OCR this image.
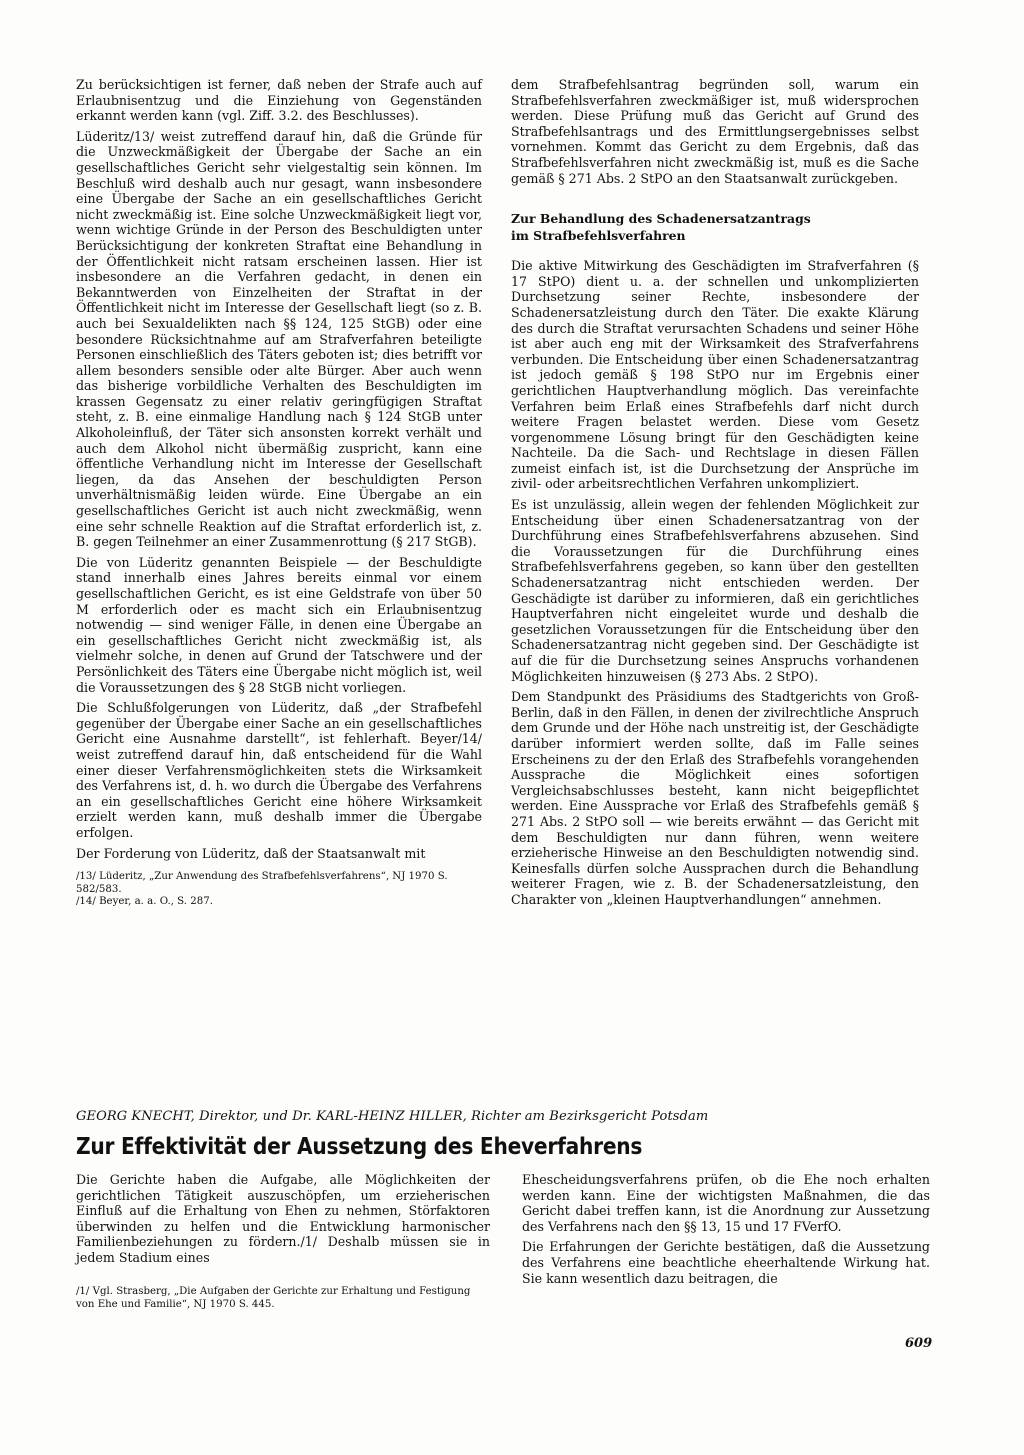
Zu berücksichtigen ist ferner, daß neben der Strafe auch auf Erlaubnisentzug und die Einziehung von Gegenständen erkannt werden kann (vgl. Ziff. 3.2. des Beschlusses).

Lüderitz/13/ weist zutreffend darauf hin, daß die Gründe für die Unzweckmäßigkeit der Übergabe der Sache an ein gesellschaftliches Gericht sehr vielgestaltig sein können. Im Beschluß wird deshalb auch nur gesagt, wann insbesondere eine Übergabe der Sache an ein gesellschaftliches Gericht nicht zweckmäßig ist. Eine solche Unzweckmäßigkeit liegt vor, wenn wichtige Gründe in der Person des Beschuldigten unter Berücksichtigung der konkreten Straftat eine Behandlung in der Öffentlichkeit nicht ratsam erscheinen lassen. Hier ist insbesondere an die Verfahren gedacht, in denen ein Bekanntwerden von Einzelheiten der Straftat in der Öffentlichkeit nicht im Interesse der Gesellschaft liegt (so z. B. auch bei Sexualdelikten nach §§ 124, 125 StGB) oder eine besondere Rücksichtnahme auf am Strafverfahren beteiligte Personen einschließlich des Täters geboten ist; dies betrifft vor allem besonders sensible oder alte Bürger. Aber auch wenn das bisherige vorbildliche Verhalten des Beschuldigten im krassen Gegensatz zu einer relativ geringfügigen Straftat steht, z. B. eine einmalige Handlung nach § 124 StGB unter Alkoholeinfluß, der Täter sich ansonsten korrekt verhält und auch dem Alkohol nicht übermäßig zuspricht, kann eine öffentliche Verhandlung nicht im Interesse der Gesellschaft liegen, da das Ansehen der beschuldigten Person unverhältnismäßig leiden würde. Eine Übergabe an ein gesellschaftliches Gericht ist auch nicht zweckmäßig, wenn eine sehr schnelle Reaktion auf die Straftat erforderlich ist, z. B. gegen Teilnehmer an einer Zusammenrottung (§ 217 StGB).

Die von Lüderitz genannten Beispiele — der Beschuldigte stand innerhalb eines Jahres bereits einmal vor einem gesellschaftlichen Gericht, es ist eine Geldstrafe von über 50 M erforderlich oder es macht sich ein Erlaubnisentzug notwendig — sind weniger Fälle, in denen eine Übergabe an ein gesellschaftliches Gericht nicht zweckmäßig ist, als vielmehr solche, in denen auf Grund der Tatschwere und der Persönlichkeit des Täters eine Übergabe nicht möglich ist, weil die Voraussetzungen des § 28 StGB nicht vorliegen.

Die Schlußfolgerungen von Lüderitz, daß „der Strafbefehl gegenüber der Übergabe einer Sache an ein gesellschaftliches Gericht eine Ausnahme darstellt“, ist fehlerhaft. Beyer/14/ weist zutreffend darauf hin, daß entscheidend für die Wahl einer dieser Verfahrensmöglichkeiten stets die Wirksamkeit des Verfahrens ist, d. h. wo durch die Übergabe des Verfahrens an ein gesellschaftliches Gericht eine höhere Wirksamkeit erzielt werden kann, muß deshalb immer die Übergabe erfolgen.

Der Forderung von Lüderitz, daß der Staatsanwalt mit

/13/ Lüderitz, „Zur Anwendung des Strafbefehlsverfahrens“, NJ 1970 S. 582/583.
/14/ Beyer, a. a. O., S. 287.

dem Strafbefehlsantrag begründen soll, warum ein Strafbefehlsverfahren zweckmäßiger ist, muß widersprochen werden. Diese Prüfung muß das Gericht auf Grund des Strafbefehlsantrags und des Ermittlungsergebnisses selbst vornehmen. Kommt das Gericht zu dem Ergebnis, daß das Strafbefehlsverfahren nicht zweckmäßig ist, muß es die Sache gemäß § 271 Abs. 2 StPO an den Staatsanwalt zurückgeben.

Zur Behandlung des Schadenersatzantrags
im Strafbefehlsverfahren

Die aktive Mitwirkung des Geschädigten im Strafverfahren (§ 17 StPO) dient u. a. der schnellen und unkomplizierten Durchsetzung seiner Rechte, insbesondere der Schadenersatzleistung durch den Täter. Die exakte Klärung des durch die Straftat verursachten Schadens und seiner Höhe ist aber auch eng mit der Wirksamkeit des Strafverfahrens verbunden. Die Entscheidung über einen Schadenersatzantrag ist jedoch gemäß § 198 StPO nur im Ergebnis einer gerichtlichen Hauptverhandlung möglich. Das vereinfachte Verfahren beim Erlaß eines Strafbefehls darf nicht durch weitere Fragen belastet werden. Diese vom Gesetz vorgenommene Lösung bringt für den Geschädigten keine Nachteile. Da die Sach- und Rechtslage in diesen Fällen zumeist einfach ist, ist die Durchsetzung der Ansprüche im zivil- oder arbeitsrechtlichen Verfahren unkompliziert.

Es ist unzulässig, allein wegen der fehlenden Möglichkeit zur Entscheidung über einen Schadenersatzantrag von der Durchführung eines Strafbefehlsverfahrens abzusehen. Sind die Voraussetzungen für die Durchführung eines Strafbefehlsverfahrens gegeben, so kann über den gestellten Schadenersatzantrag nicht entschieden werden. Der Geschädigte ist darüber zu informieren, daß ein gerichtliches Hauptverfahren nicht eingeleitet wurde und deshalb die gesetzlichen Voraussetzungen für die Entscheidung über den Schadenersatzantrag nicht gegeben sind. Der Geschädigte ist auf die für die Durchsetzung seines Anspruchs vorhandenen Möglichkeiten hinzuweisen (§ 273 Abs. 2 StPO).

Dem Standpunkt des Präsidiums des Stadtgerichts von Groß-Berlin, daß in den Fällen, in denen der zivilrechtliche Anspruch dem Grunde und der Höhe nach unstreitig ist, der Geschädigte darüber informiert werden sollte, daß im Falle seines Erscheinens zu der den Erlaß des Strafbefehls vorangehenden Aussprache die Möglichkeit eines sofortigen Vergleichsabschlusses besteht, kann nicht beigepflichtet werden. Eine Aussprache vor Erlaß des Strafbefehls gemäß § 271 Abs. 2 StPO soll — wie bereits erwähnt — das Gericht mit dem Beschuldigten nur dann führen, wenn weitere erzieherische Hinweise an den Beschuldigten notwendig sind. Keinesfalls dürfen solche Aussprachen durch die Behandlung weiterer Fragen, wie z. B. der Schadenersatzleistung, den Charakter von „kleinen Hauptverhandlungen“ annehmen.

GEORG KNECHT, Direktor, und Dr. KARL-HEINZ HILLER, Richter am Bezirksgericht Potsdam
Zur Effektivität der Aussetzung des Eheverfahrens

Die Gerichte haben die Aufgabe, alle Möglichkeiten der gerichtlichen Tätigkeit auszuschöpfen, um erzieherischen Einfluß auf die Erhaltung von Ehen zu nehmen, Störfaktoren überwinden zu helfen und die Entwicklung harmonischer Familienbeziehungen zu fördern./1/ Deshalb müssen sie in jedem Stadium eines

/1/ Vgl. Strasberg, „Die Aufgaben der Gerichte zur Erhaltung und Festigung von Ehe und Familie“, NJ 1970 S. 445.

Ehescheidungsverfahrens prüfen, ob die Ehe noch erhalten werden kann. Eine der wichtigsten Maßnahmen, die das Gericht dabei treffen kann, ist die Anordnung zur Aussetzung des Verfahrens nach den §§ 13, 15 und 17 FVerfO.

Die Erfahrungen der Gerichte bestätigen, daß die Aussetzung des Verfahrens eine beachtliche eheerhaltende Wirkung hat. Sie kann wesentlich dazu beitragen, die

609
